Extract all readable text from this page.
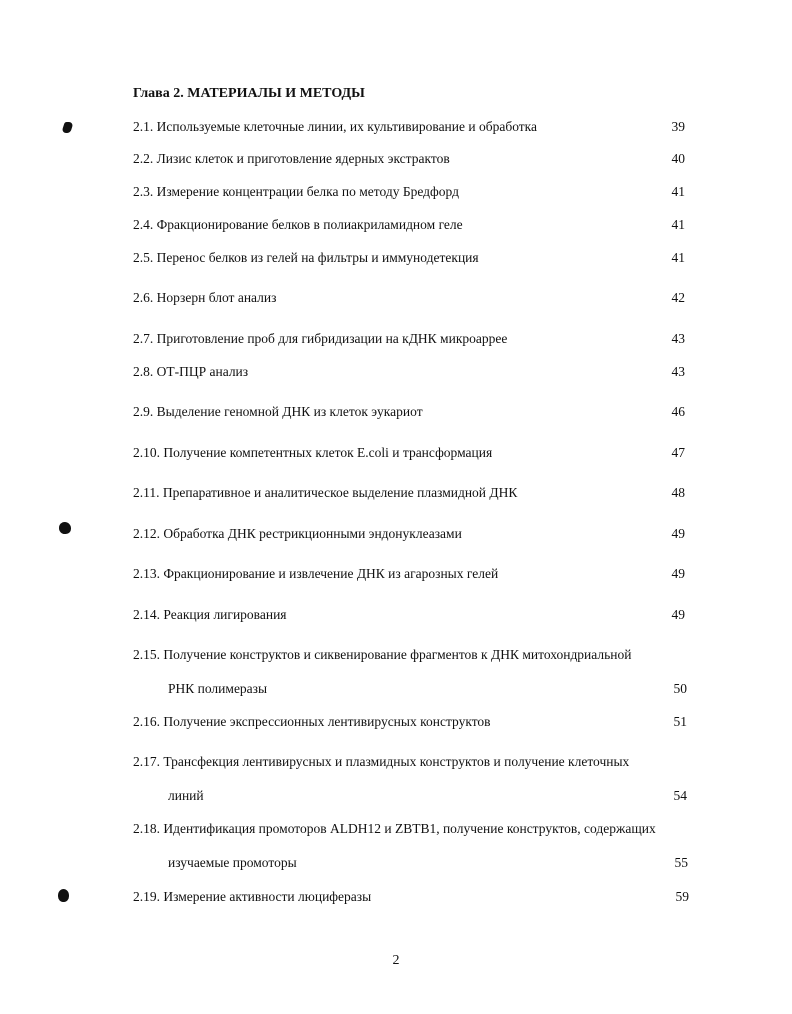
Глава 2. МАТЕРИАЛЫ И МЕТОДЫ
2.1. Используемые клеточные линии, их культивирование и обработка	39
2.2. Лизис клеток и приготовление ядерных экстрактов	40
2.3. Измерение концентрации белка по методу Бредфорд	41
2.4. Фракционирование белков в полиакриламидном геле	41
2.5. Перенос белков из гелей на фильтры и иммунодетекция	41
2.6. Норзерн блот анализ	42
2.7. Приготовление проб для гибридизации на кДНК микроаррее	43
2.8. ОТ-ПЦР анализ	43
2.9. Выделение геномной ДНК из клеток эукариот	46
2.10. Получение компетентных клеток E.coli и трансформация	47
2.11. Препаративное и аналитическое выделение плазмидной ДНК	48
2.12. Обработка ДНК рестрикционными эндонуклеазами	49
2.13. Фракционирование и извлечение ДНК из агарозных гелей	49
2.14. Реакция лигирования	49
2.15. Получение конструктов и сиквенирование фрагментов к ДНК митохондриальной
РНК полимеразы	50
2.16. Получение экспрессионных лентивирусных конструктов	51
2.17. Трансфекция лентивирусных и плазмидных конструктов и получение клеточных
линий	54
2.18. Идентификация промоторов ALDH12 и ZBTB1, получение конструктов, содержащих
изучаемые промоторы	55
2.19. Измерение активности люциферазы	59
2
